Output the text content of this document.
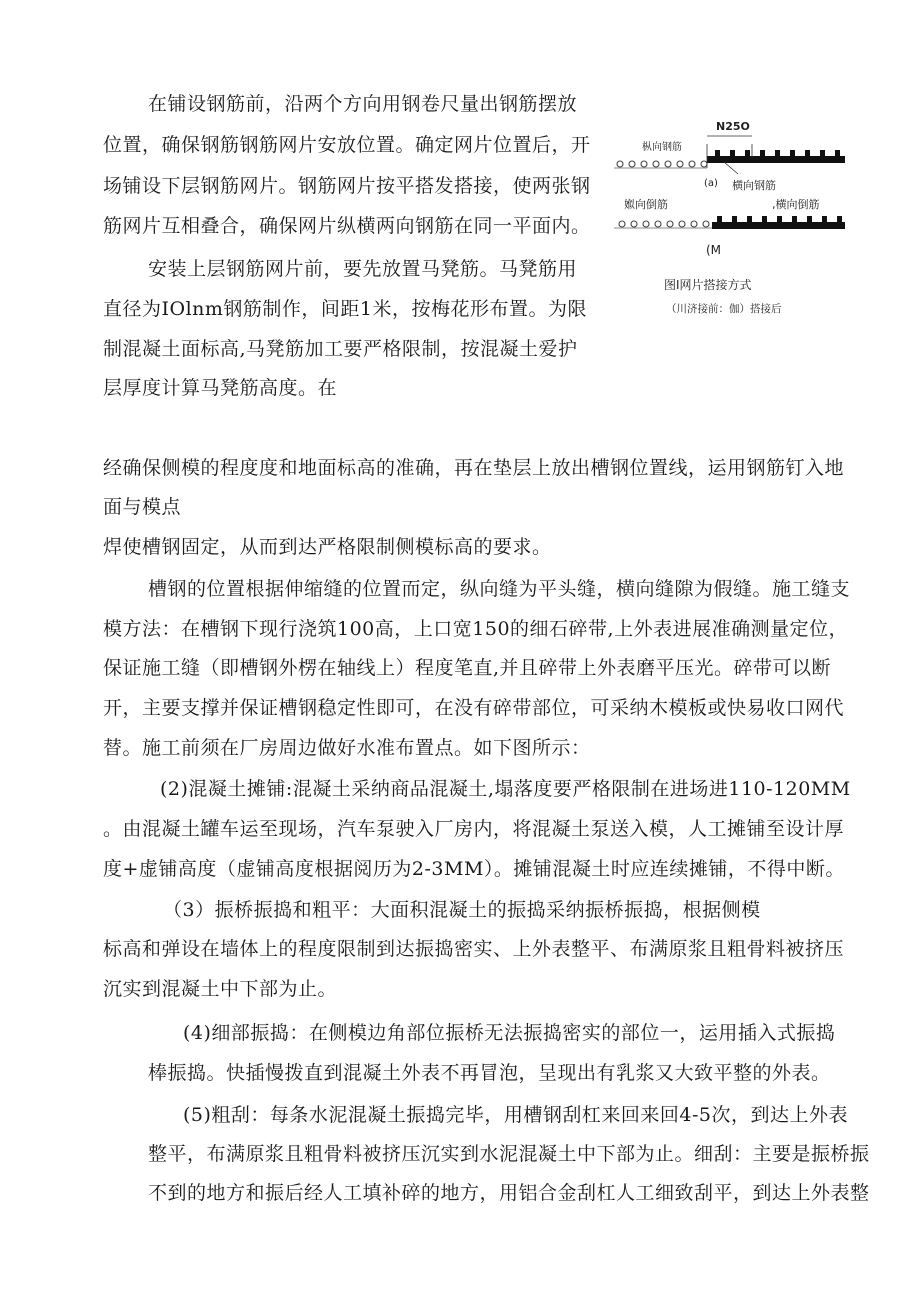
在铺设钢筋前，沿两个方向用钢卷尺量出钢筋摆放

位置，确保钢筋钢筋网片安放位置。确定网片位置后，开

场铺设下层钢筋网片。钢筋网片按平搭发搭接，使两张钢

筋网片互相叠合，确保网片纵横两向钢筋在同一平面内。

安装上层钢筋网片前，要先放置马凳筋。马凳筋用

直径为IOlnm钢筋制作，间距1米，按梅花形布置。为限

制混凝土面标高,马凳筋加工要严格限制，按混凝土爱护

层厚度计算马凳筋高度。在

N25O
枞向钢筋
(a) 横向钢筋
娰向倒筋	,横向倒筋
(M
图I网片搭接方式
（川济接前：伽）搭接后

经确保侧模的程度度和地面标高的准确，再在垫层上放出槽钢位置线，运用钢筋钉入地

面与模点

焊使槽钢固定，从而到达严格限制侧模标高的要求。

槽钢的位置根据伸缩缝的位置而定，纵向缝为平头缝，横向缝隙为假缝。施工缝支

模方法：在槽钢下现行浇筑100高，上口宽150的细石碎带,上外表进展准确测量定位，

保证施工缝（即槽钢外楞在轴线上）程度笔直,并且碎带上外表磨平压光。碎带可以断

开，主要支撑并保证槽钢稳定性即可，在没有碎带部位，可采纳木模板或快易收口网代

替。施工前须在厂房周边做好水准布置点。如下图所示：

(2)混凝土摊铺:混凝土采纳商品混凝土,塌落度要严格限制在进场进110-120MM

。由混凝土罐车运至现场，汽车泵驶入厂房内，将混凝土泵送入模，人工摊铺至设计厚

度+虚铺高度（虚铺高度根据阅历为2-3MM）。摊铺混凝土时应连续摊铺，不得中断。

（3）振桥振捣和粗平：大面积混凝土的振捣采纳振桥振捣，根据侧模

标高和弹设在墙体上的程度限制到达振捣密实、上外表整平、布满原浆且粗骨料被挤压

沉实到混凝土中下部为止。

(4)细部振捣：在侧模边角部位振桥无法振捣密实的部位一，运用插入式振捣

棒振捣。快插慢拨直到混凝土外表不再冒泡，呈现出有乳浆又大致平整的外表。

(5)粗刮：每条水泥混凝土振捣完毕，用槽钢刮杠来回来回4-5次，到达上外表

整平，布满原浆且粗骨料被挤压沉实到水泥混凝土中下部为止。细刮：主要是振桥振

不到的地方和振后经人工填补碎的地方，用铝合金刮杠人工细致刮平，到达上外表整
